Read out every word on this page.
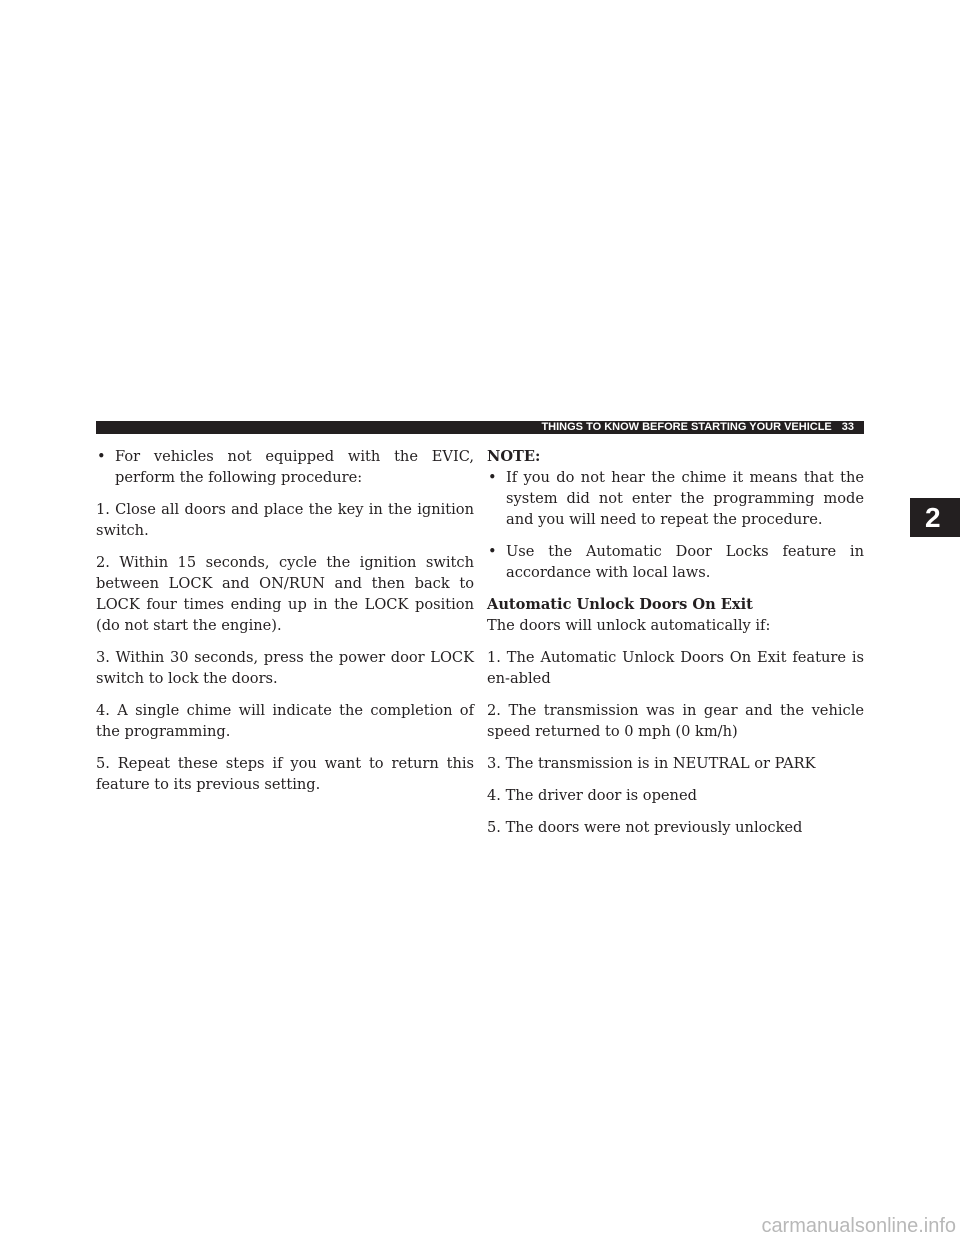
THINGS TO KNOW BEFORE STARTING YOUR VEHICLE 33
2
• For vehicles not equipped with the EVIC, perform the following procedure:

1. Close all doors and place the key in the ignition switch.

2. Within 15 seconds, cycle the ignition switch between LOCK and ON/RUN and then back to LOCK four times ending up in the LOCK position (do not start the engine).

3. Within 30 seconds, press the power door LOCK switch to lock the doors.

4. A single chime will indicate the completion of the programming.

5. Repeat these steps if you want to return this feature to its previous setting.

NOTE:

• If you do not hear the chime it means that the system did not enter the programming mode and you will need to repeat the procedure.
• Use the Automatic Door Locks feature in accordance with local laws.

Automatic Unlock Doors On Exit

The doors will unlock automatically if:

1. The Automatic Unlock Doors On Exit feature is en-abled

2. The transmission was in gear and the vehicle speed returned to 0 mph (0 km/h)

3. The transmission is in NEUTRAL or PARK

4. The driver door is opened

5. The doors were not previously unlocked

carmanualsonline.info
